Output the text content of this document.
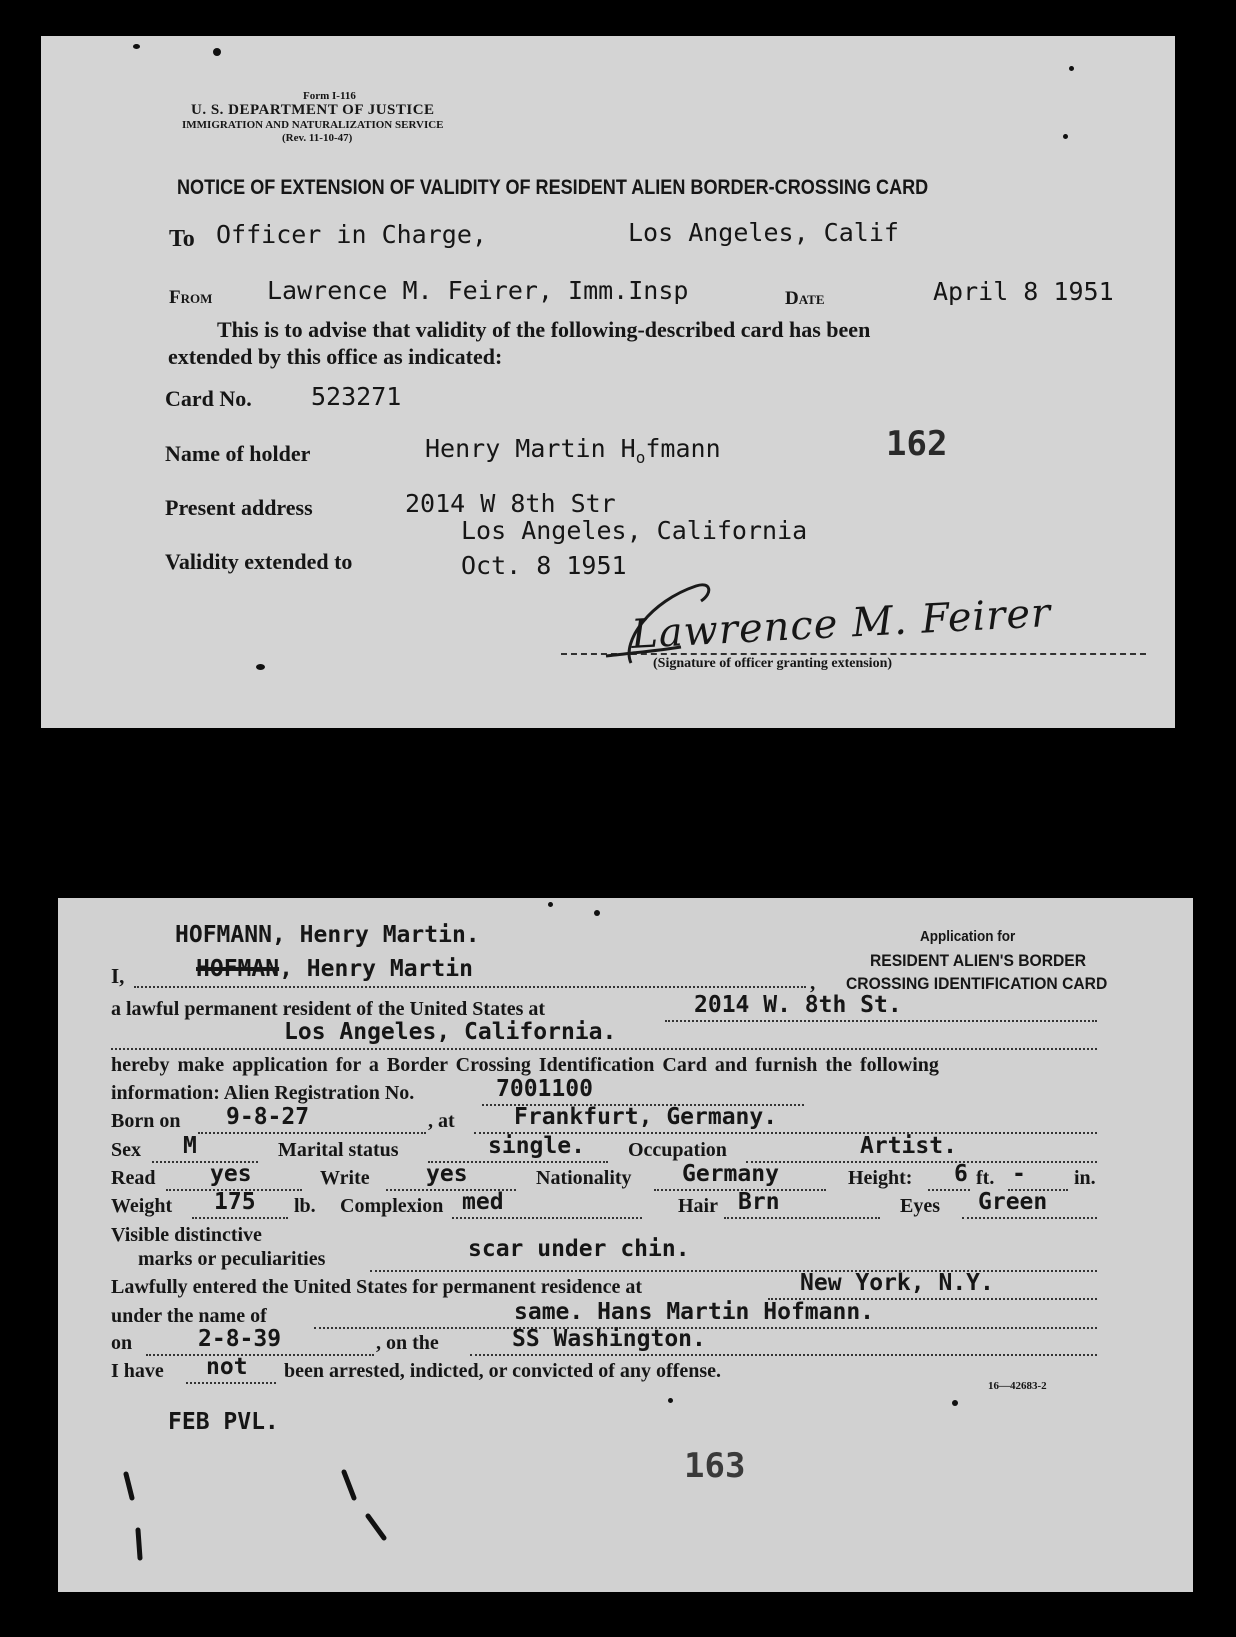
Form I-116
U. S. DEPARTMENT OF JUSTICE
IMMIGRATION AND NATURALIZATION SERVICE
(Rev. 11-10-47)
NOTICE OF EXTENSION OF VALIDITY OF RESIDENT ALIEN BORDER-CROSSING CARD
To Officer in Charge,	Los Angeles, Calif
From Lawrence M. Feirer, Imm.Insp	Date	April 8 1951
This is to advise that validity of the following-described card has been
extended by this office as indicated:
Card No. 523271
Name of holder	Henry Martin $H_ofmann$	162
Present address	2014 W 8th Str
Los Angeles, California
Validity extended to	Oct. 8 1951
Lawrence M. Feirer
(Signature of officer granting extension)
HOFMANN, Henry Martin.	Application for
RESIDENT ALIEN'S BORDER
CROSSING IDENTIFICATION CARD
I,	HOFMAN, Henry Martin	,
a lawful permanent resident of the United States at	2014 W. 8th St.
Los Angeles, California.
hereby make application for a Border Crossing Identification Card and furnish the following
information: Alien Registration No.	7001100
Born on 9-8-27	, at	Frankfurt, Germany.
Sex M	Marital status	single. Occupation	Artist.
Read yes	Write yes	Nationality Germany	Height: 6 ft. - in.
Weight 175 lb. Complexion med	Hair Brn	Eyes Green
Visible distinctive
marks or peculiarities	scar under chin.
Lawfully entered the United States for permanent residence at	New York, N.Y.
under the name of	same. Hans Martin Hofmann.
on	2-8-39	, on the	SS Washington.
I have not been arrested, indicted, or convicted of any offense.
16—42683-2
FEB PVL.
163
